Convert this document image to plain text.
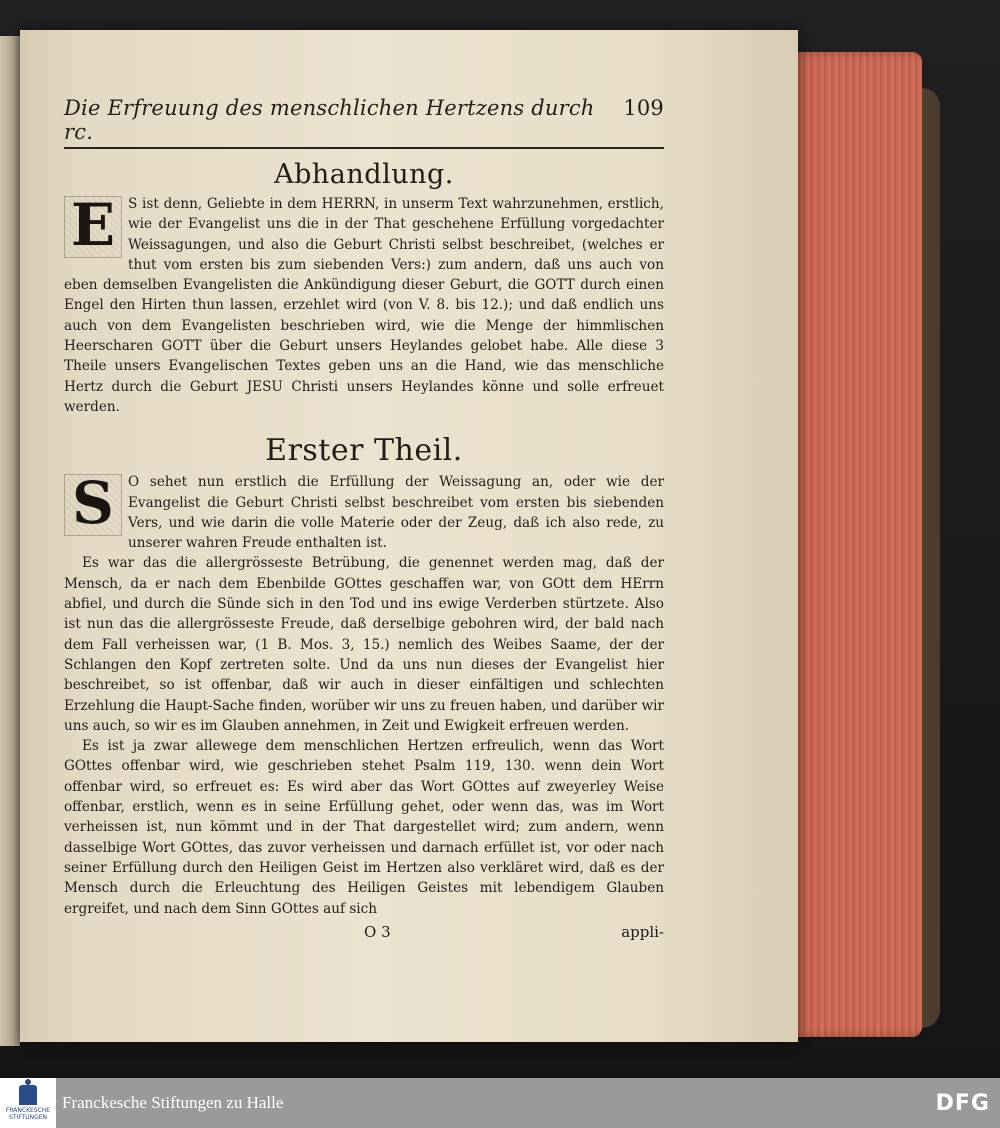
Die Erfreuung des menschlichen Hertzens durch rc.
109
Abhandlung.

E S ist denn, Geliebte in dem HERRN, in unserm Text wahrzunehmen, erstlich, wie der Evangelist uns die in der That geschehene Erfüllung vorgedachter Weissagungen, und also die Geburt Christi selbst beschreibet, (welches er thut vom ersten bis zum siebenden Vers:) zum andern, daß uns auch von eben demselben Evangelisten die Ankündigung dieser Geburt, die GOTT durch einen Engel den Hirten thun lassen, erzehlet wird (von V. 8. bis 12.); und daß endlich uns auch von dem Evangelisten beschrieben wird, wie die Menge der himmlischen Heerscharen GOTT über die Geburt unsers Heylandes gelobet habe. Alle diese 3 Theile unsers Evangelischen Textes geben uns an die Hand, wie das menschliche Hertz durch die Geburt JESU Christi unsers Heylandes könne und solle erfreuet werden.

Erster Theil.

S	O sehet nun erstlich die Erfüllung der Weissagung an, oder wie der Evangelist die Geburt Christi selbst beschreibet vom ersten bis siebenden Vers, und wie darin die volle Materie oder der Zeug, daß ich also rede, zu unserer wahren Freude enthalten ist.

Es war das die allergrösseste Betrübung, die genennet werden mag, daß der Mensch, da er nach dem Ebenbilde GOttes geschaffen war, von GOtt dem HErrn abfiel, und durch die Sünde sich in den Tod und ins ewige Verderben stürtzete. Also ist nun das die allergrösseste Freude, daß derselbige gebohren wird, der bald nach dem Fall verheissen war, (1 B. Mos. 3, 15.) nemlich des Weibes Saame, der der Schlangen den Kopf zertreten solte. Und da uns nun dieses der Evangelist hier beschreibet, so ist offenbar, daß wir auch in dieser einfältigen und schlechten Erzehlung die Haupt-Sache finden, worüber wir uns zu freuen haben, und darüber wir uns auch, so wir es im Glauben annehmen, in Zeit und Ewigkeit erfreuen werden.

Es ist ja zwar allewege dem menschlichen Hertzen erfreulich, wenn das Wort GOttes offenbar wird, wie geschrieben stehet Psalm 119, 130. wenn dein Wort offenbar wird, so erfreuet es: Es wird aber das Wort GOttes auf zweyerley Weise offenbar, erstlich, wenn es in seine Erfüllung gehet, oder wenn das, was im Wort verheissen ist, nun kömmt und in der That dargestellet wird; zum andern, wenn dasselbige Wort GOttes, das zuvor verheissen und darnach erfüllet ist, vor oder nach seiner Erfüllung durch den Heiligen Geist im Hertzen also verkläret wird, daß es der Mensch durch die Erleuchtung des Heiligen Geistes mit lebendigem Glauben ergreifet, und nach dem Sinn GOttes auf sich

O 3	appli-
FRANCKESCHE STIFTUNGEN
Franckesche Stiftungen zu Halle	DFG
